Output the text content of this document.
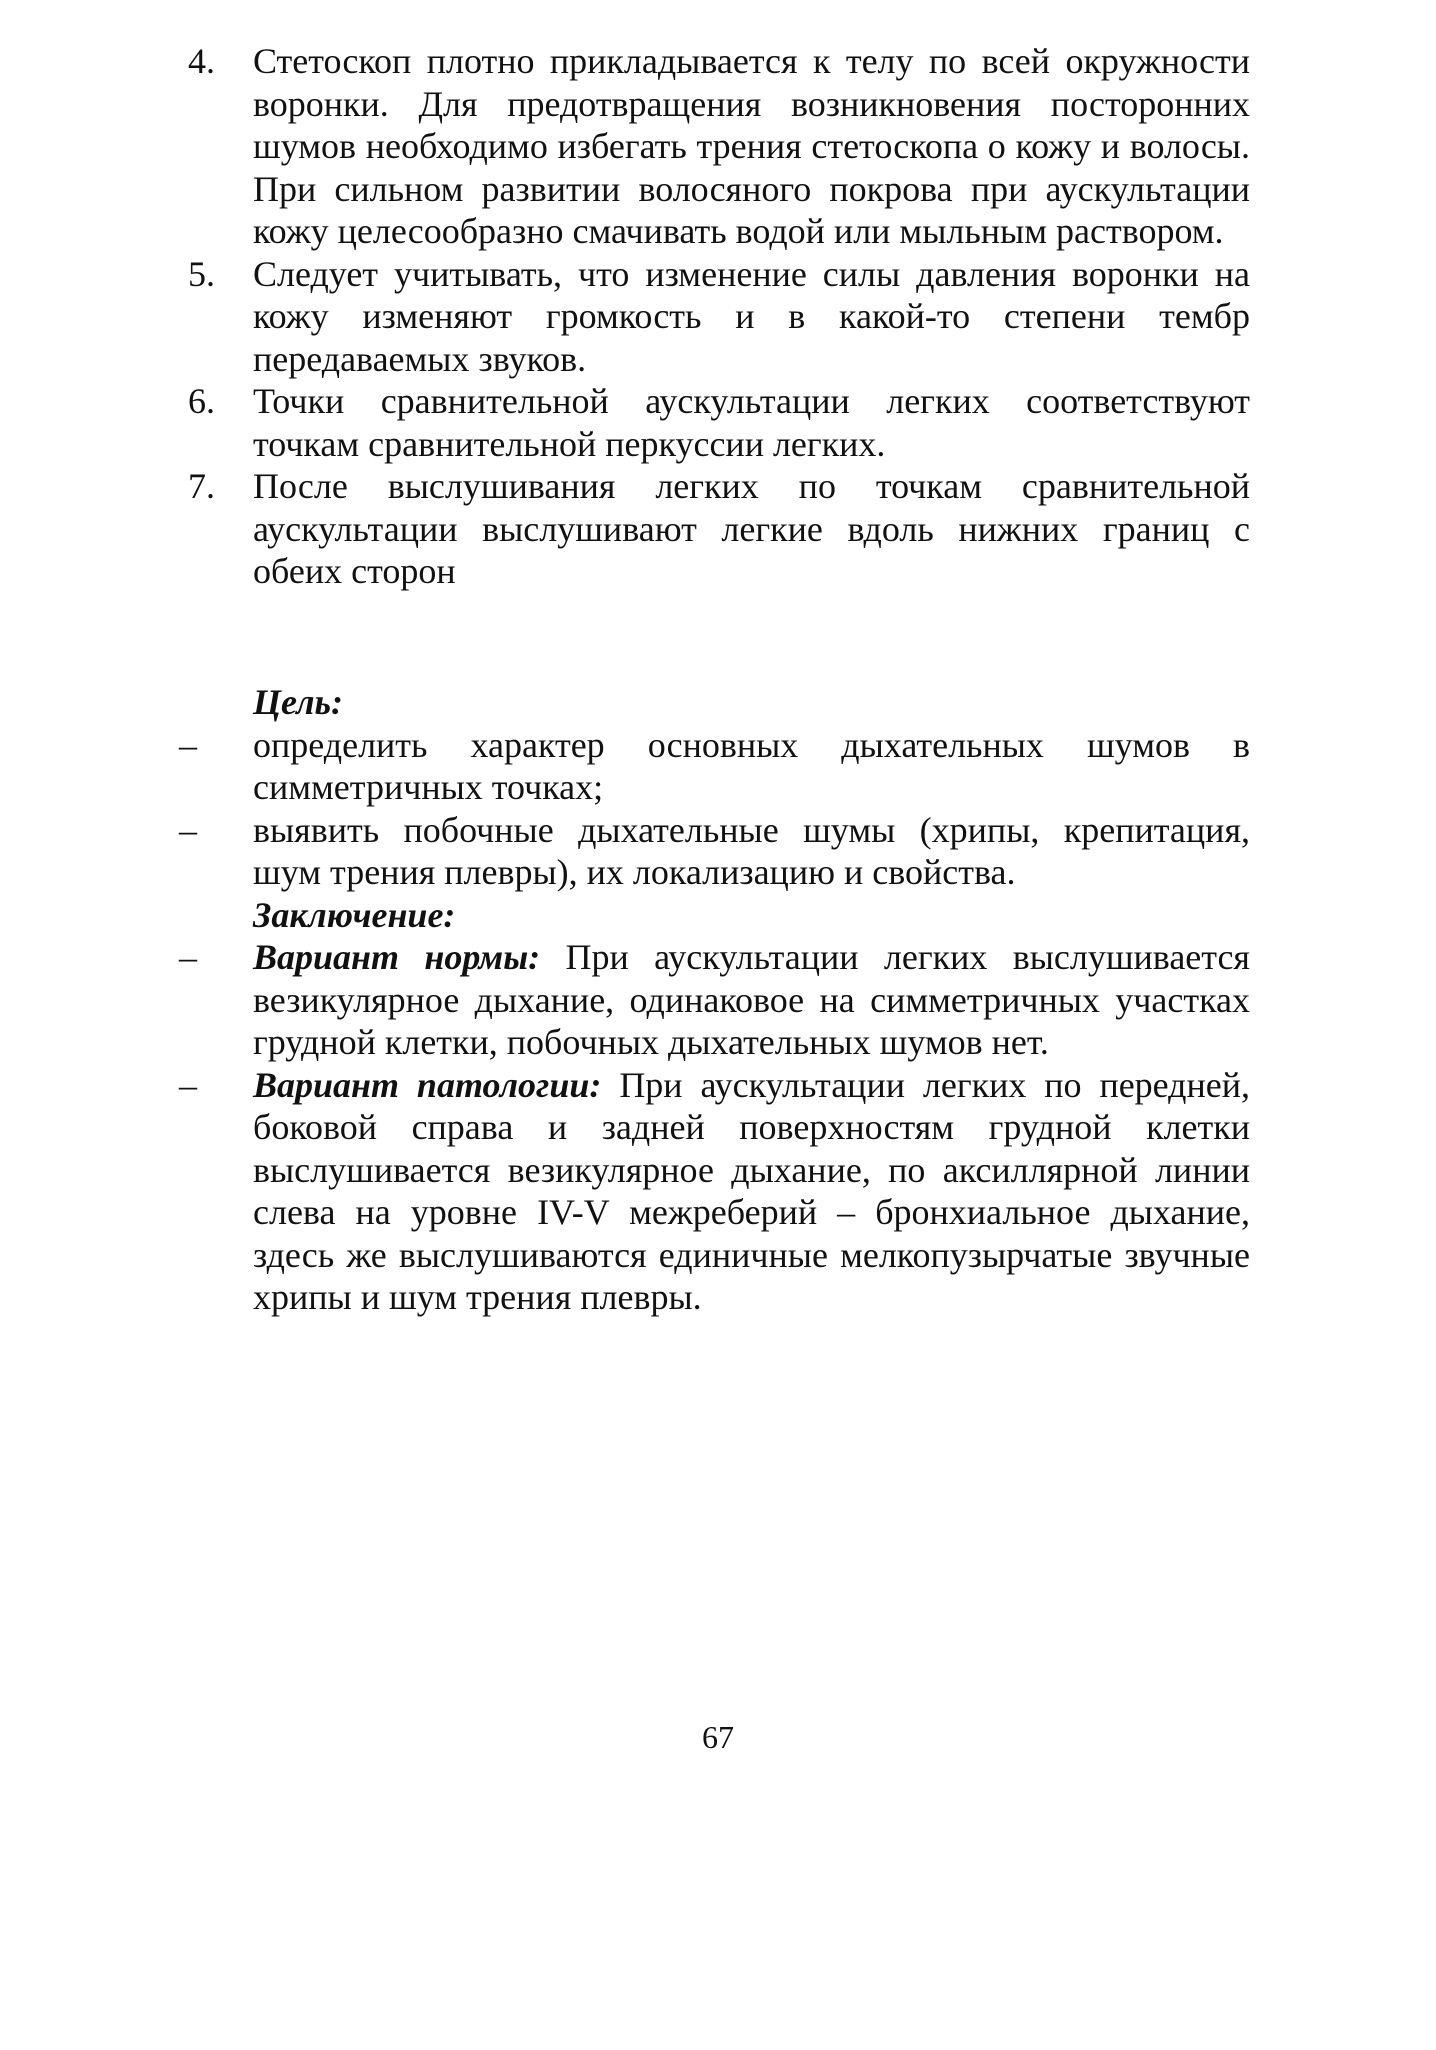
4. Стетоскоп плотно прикладывается к телу по всей окружности воронки. Для предотвращения возникновения посторонних шумов необходимо избегать трения стетоскопа о кожу и волосы. При сильном развитии волосяного покрова при аускультации кожу целесообразно смачивать водой или мыльным раствором.
5. Следует учитывать, что изменение силы давления воронки на кожу изменяют громкость и в какой-то степени тембр передаваемых звуков.
6. Точки сравнительной аускультации легких соответствуют точкам сравнительной перкуссии легких.
7. После выслушивания легких по точкам сравнительной аускультации выслушивают легкие вдоль нижних границ с обеих сторон
Цель:
– определить характер основных дыхательных шумов в симметричных точках;
– выявить побочные дыхательные шумы (хрипы, крепитация, шум трения плевры), их локализацию и свойства.
Заключение:
– Вариант нормы: При аускультации легких выслушивается везикулярное дыхание, одинаковое на симметричных участках грудной клетки, побочных дыхательных шумов нет.
– Вариант патологии: При аускультации легких по передней, боковой справа и задней поверхностям грудной клетки выслушивается везикулярное дыхание, по аксиллярной линии слева на уровне IV-V межреберий – бронхиальное дыхание, здесь же выслушиваются единичные мелкопузырчатые звучные хрипы и шум трения плевры.
67
